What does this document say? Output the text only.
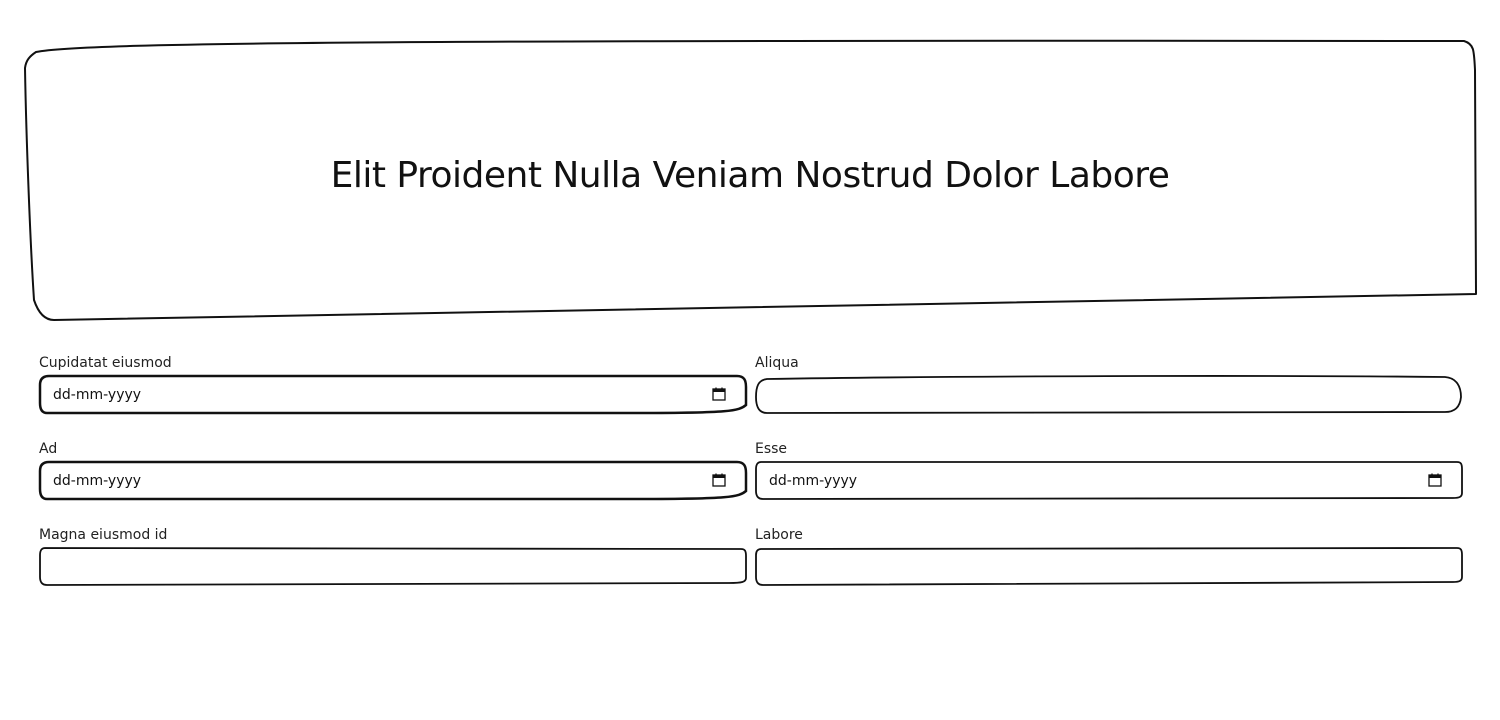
Elit Proident Nulla Veniam Nostrud Dolor Labore
Cupidatat eiusmod
dd-mm-yyyy
Aliqua
Ad
dd-mm-yyyy
Esse
dd-mm-yyyy
Magna eiusmod id	Labore
